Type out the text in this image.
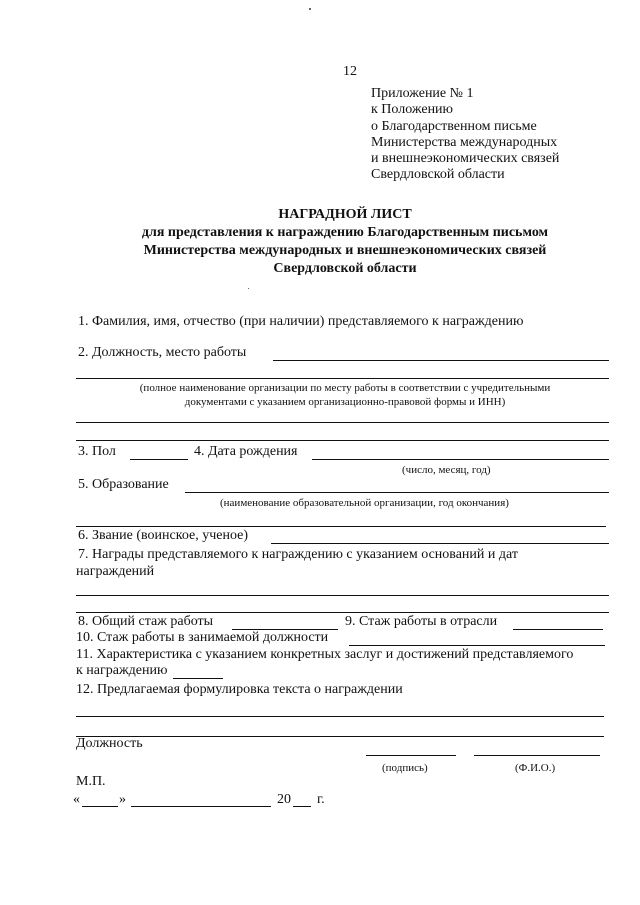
12
Приложение № 1
к Положению
о Благодарственном письме
Министерства международных
и внешнеэкономических связей
Свердловской области
НАГРАДНОЙ ЛИСТ
для представления к награждению Благодарственным письмом
Министерства международных и внешнеэкономических связей
Свердловской области
1. Фамилия, имя, отчество (при наличии) представляемого к награждению
2. Должность, место работы
(полное наименование организации по месту работы в соответствии с учредительными
документами с указанием организационно-правовой формы и ИНН)
3. Пол	4. Дата рождения
(число, месяц, год)
5. Образование
(наименование образовательной организации, год окончания)
6. Звание (воинское, ученое)
7. Награды представляемого к награждению с указанием оснований и дат
награждений
8. Общий стаж работы	9. Стаж работы в отрасли
10. Стаж работы в занимаемой должности
11. Характеристика с указанием конкретных заслуг и достижений представляемого
к награждению
12. Предлагаемая формулировка текста о награждении
Должность
(подпись)	(Ф.И.О.)
М.П.
«	»	20 г.
